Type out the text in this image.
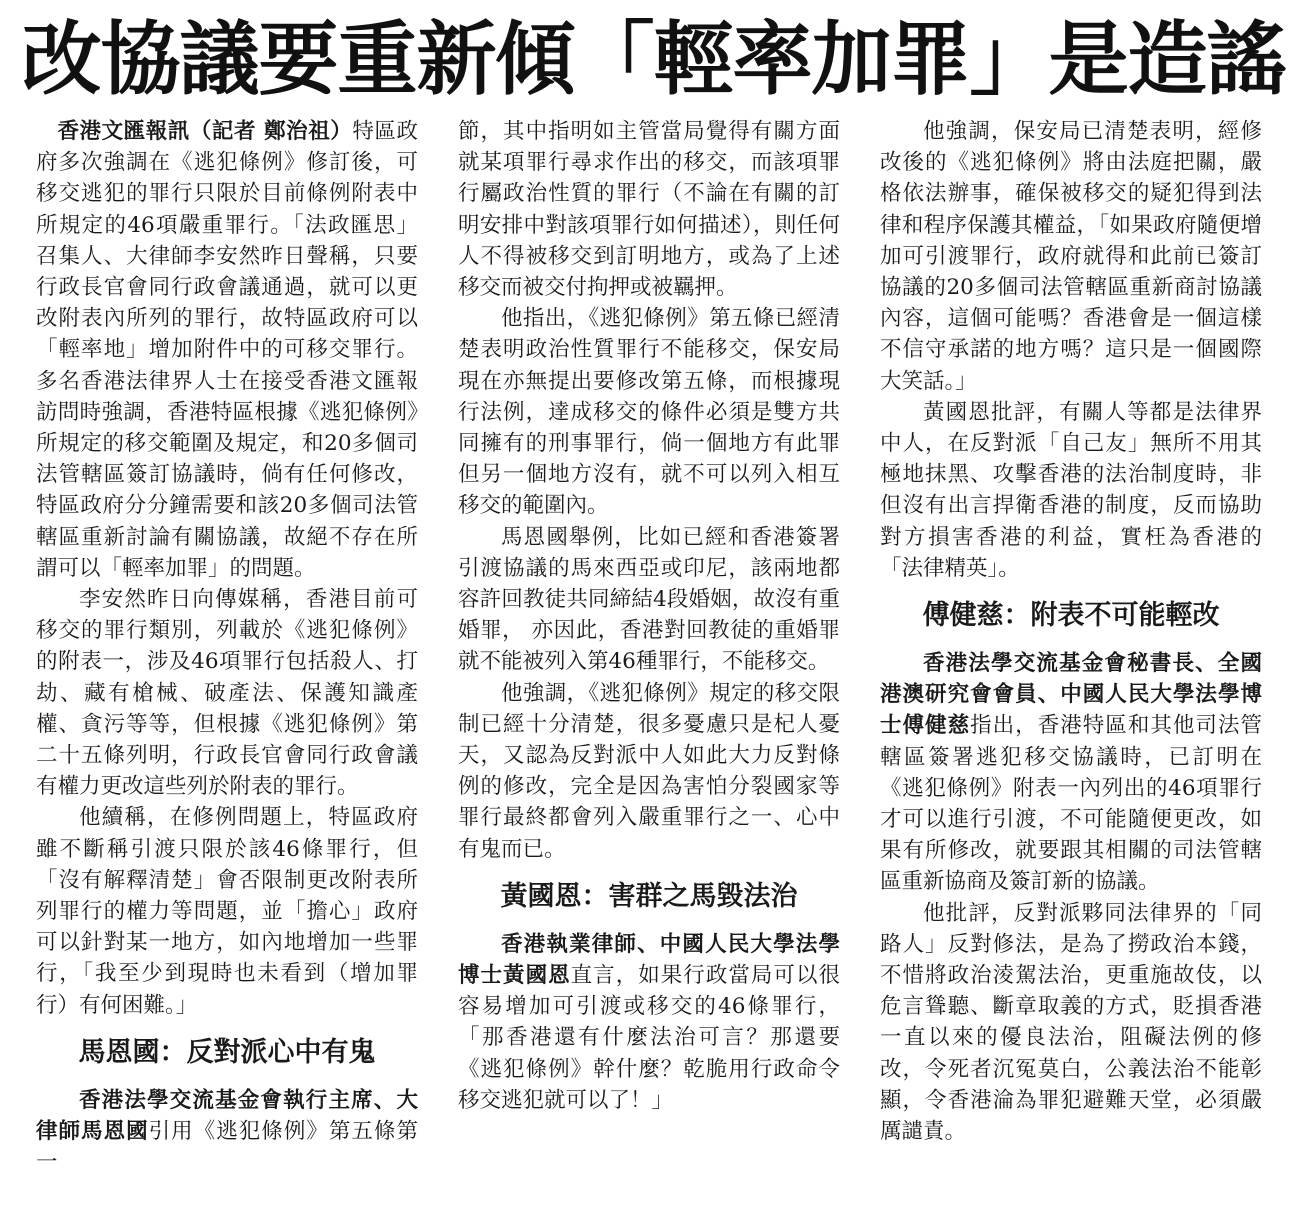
改協議要重新傾「輕率加罪」是造謠

香港文匯報訊（記者 鄭治祖）特區政府多次強調在《逃犯條例》修訂後，可移交逃犯的罪行只限於目前條例附表中所規定的46項嚴重罪行。「法政匯思」召集人、大律師李安然昨日聲稱，只要行政長官會同行政會議通過，就可以更改附表內所列的罪行，故特區政府可以「輕率地」增加附件中的可移交罪行。多名香港法律界人士在接受香港文匯報訪問時強調，香港特區根據《逃犯條例》所規定的移交範圍及規定，和20多個司法管轄區簽訂協議時，倘有任何修改，特區政府分分鐘需要和該20多個司法管轄區重新討論有關協議，故絕不存在所謂可以「輕率加罪」的問題。

李安然昨日向傳媒稱，香港目前可移交的罪行類別，列載於《逃犯條例》的附表一，涉及46項罪行包括殺人、打劫、藏有槍械、破產法、保護知識產權、貪污等等，但根據《逃犯條例》第二十五條列明，行政長官會同行政會議有權力更改這些列於附表的罪行。

他續稱，在修例問題上，特區政府雖不斷稱引渡只限於該46條罪行，但「沒有解釋清楚」會否限制更改附表所列罪行的權力等問題，並「擔心」政府可以針對某一地方，如內地增加一些罪行，「我至少到現時也未看到（增加罪行）有何困難。」

馬恩國：反對派心中有鬼

香港法學交流基金會執行主席、大律師馬恩國引用《逃犯條例》第五條第一

節，其中指明如主管當局覺得有關方面就某項罪行尋求作出的移交，而該項罪行屬政治性質的罪行（不論在有關的訂明安排中對該項罪行如何描述），則任何人不得被移交到訂明地方，或為了上述移交而被交付拘押或被羈押。

他指出，《逃犯條例》第五條已經清楚表明政治性質罪行不能移交，保安局現在亦無提出要修改第五條，而根據現行法例，達成移交的條件必須是雙方共同擁有的刑事罪行，倘一個地方有此罪但另一個地方沒有，就不可以列入相互移交的範圍內。

馬恩國舉例，比如已經和香港簽署引渡協議的馬來西亞或印尼，該兩地都容許回教徒共同締結4段婚姻，故沒有重婚罪， 亦因此，香港對回教徒的重婚罪就不能被列入第46種罪行，不能移交。

他強調，《逃犯條例》規定的移交限制已經十分清楚，很多憂慮只是杞人憂天，又認為反對派中人如此大力反對條例的修改，完全是因為害怕分裂國家等罪行最終都會列入嚴重罪行之一、心中有鬼而已。

黃國恩：害群之馬毀法治

香港執業律師、中國人民大學法學博士黃國恩直言，如果行政當局可以很容易增加可引渡或移交的46條罪行，「那香港還有什麼法治可言？那還要《逃犯條例》幹什麼？乾脆用行政命令移交逃犯就可以了！」

他強調，保安局已清楚表明，經修改後的《逃犯條例》將由法庭把關，嚴格依法辦事，確保被移交的疑犯得到法律和程序保護其權益，「如果政府隨便增加可引渡罪行，政府就得和此前已簽訂協議的20多個司法管轄區重新商討協議內容，這個可能嗎？香港會是一個這樣不信守承諾的地方嗎？這只是一個國際大笑話。」

黃國恩批評，有關人等都是法律界中人，在反對派「自己友」無所不用其極地抹黑、攻擊香港的法治制度時，非但沒有出言捍衛香港的制度，反而協助對方損害香港的利益，實枉為香港的「法律精英」。

傅健慈：附表不可能輕改

香港法學交流基金會秘書長、全國港澳研究會會員、中國人民大學法學博士傅健慈指出，香港特區和其他司法管轄區簽署逃犯移交協議時，已訂明在《逃犯條例》附表一內列出的46項罪行才可以進行引渡，不可能隨便更改，如果有所修改，就要跟其相關的司法管轄區重新協商及簽訂新的協議。

他批評，反對派夥同法律界的「同路人」反對修法，是為了撈政治本錢，不惜將政治淩駕法治，更重施故伎，以危言聳聽、斷章取義的方式，貶損香港一直以來的優良法治，阻礙法例的修改，令死者沉冤莫白，公義法治不能彰顯，令香港淪為罪犯避難天堂，必須嚴厲譴責。
